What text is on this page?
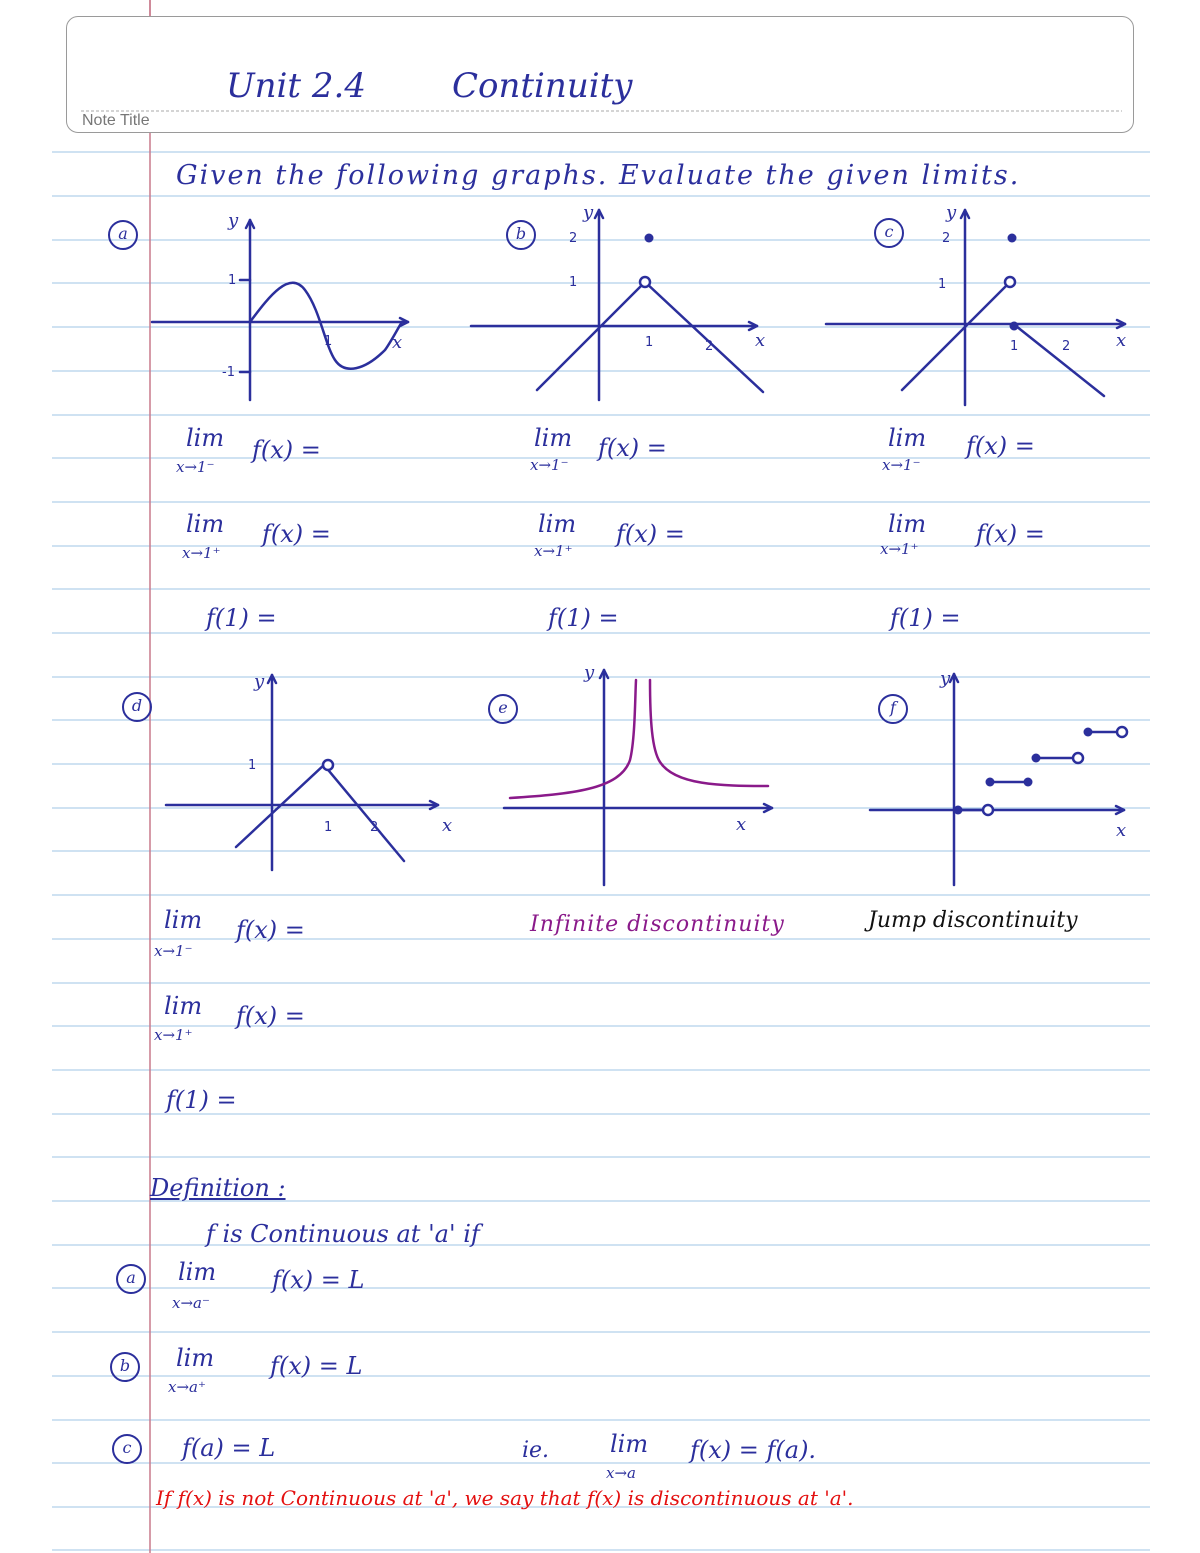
Note Title
Unit 2.4	Continuity
Given the following graphs. Evaluate the given limits.
a
y
1
-1
1	x
b
y
2
1
1	2 x
c
y
2
1
1	2	x
lim
x→1⁻
f(x) =
lim
x→1⁺
f(x) =
f(1) =
lim
x→1⁻
f(x) =
lim
x→1⁺
f(x) =
f(1) =
lim
x→1⁻
f(x) =
lim
x→1⁺
f(x) =
f(1) =
d
y
1
1	2	x
e
y
x
Infinite discontinuity
f
y
x
Jump discontinuity
lim
x→1⁻
f(x) =
lim
x→1⁺
f(x) =
f(1) =
Definition :
f is Continuous at 'a' if
a	lim
x→a⁻
f(x) = L
b	lim
x→a⁺
f(x) = L
c	f(a) = L	ie.	lim
x→a
f(x) = f(a).
If f(x) is not Continuous at 'a', we say that f(x) is discontinuous at 'a'.
